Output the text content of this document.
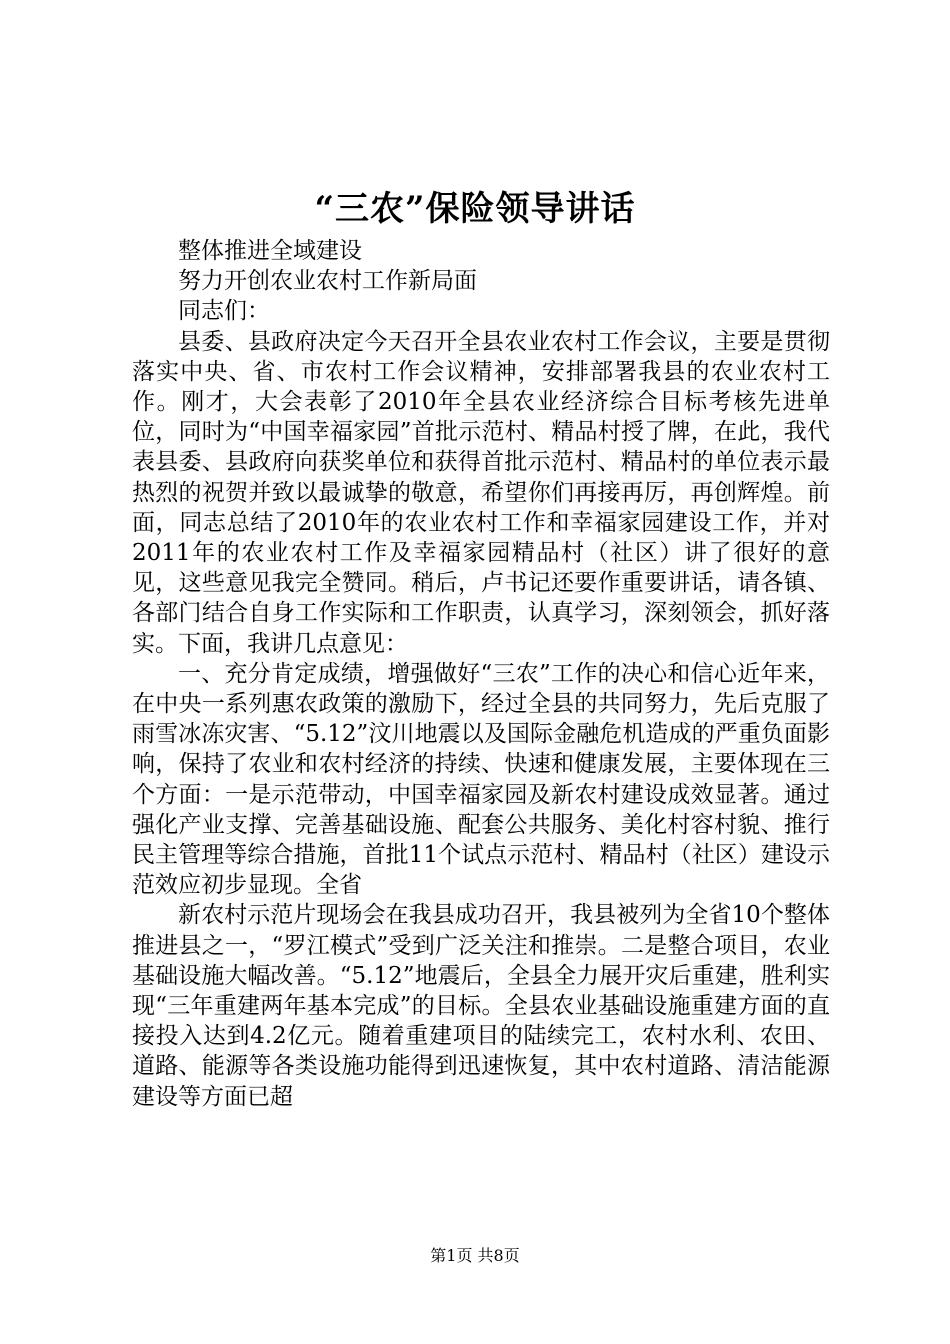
“三农”保险领导讲话

整体推进全域建设

努力开创农业农村工作新局面

同志们：

县委、县政府决定今天召开全县农业农村工作会议，主要是贯彻落实中央、省、市农村工作会议精神，安排部署我县的农业农村工作。刚才，大会表彰了2010年全县农业经济综合目标考核先进单位，同时为“中国幸福家园”首批示范村、精品村授了牌，在此，我代表县委、县政府向获奖单位和获得首批示范村、精品村的单位表示最热烈的祝贺并致以最诚挚的敬意，希望你们再接再厉，再创辉煌。前面，同志总结了2010年的农业农村工作和幸福家园建设工作，并对2011年的农业农村工作及幸福家园精品村（社区）讲了很好的意见，这些意见我完全赞同。稍后，卢书记还要作重要讲话，请各镇、各部门结合自身工作实际和工作职责，认真学习，深刻领会，抓好落实。下面，我讲几点意见：

一、充分肯定成绩，增强做好“三农”工作的决心和信心近年来，在中央一系列惠农政策的激励下，经过全县的共同努力，先后克服了雨雪冰冻灾害、“5.12”汶川地震以及国际金融危机造成的严重负面影响，保持了农业和农村经济的持续、快速和健康发展，主要体现在三个方面：一是示范带动，中国幸福家园及新农村建设成效显著。通过强化产业支撑、完善基础设施、配套公共服务、美化村容村貌、推行民主管理等综合措施，首批11个试点示范村、精品村（社区）建设示范效应初步显现。全省

新农村示范片现场会在我县成功召开，我县被列为全省10个整体推进县之一，“罗江模式”受到广泛关注和推崇。二是整合项目，农业基础设施大幅改善。“5.12”地震后，全县全力展开灾后重建，胜利实现“三年重建两年基本完成”的目标。全县农业基础设施重建方面的直接投入达到4.2亿元。随着重建项目的陆续完工，农村水利、农田、道路、能源等各类设施功能得到迅速恢复，其中农村道路、清洁能源建设等方面已超

第1页 共8页
